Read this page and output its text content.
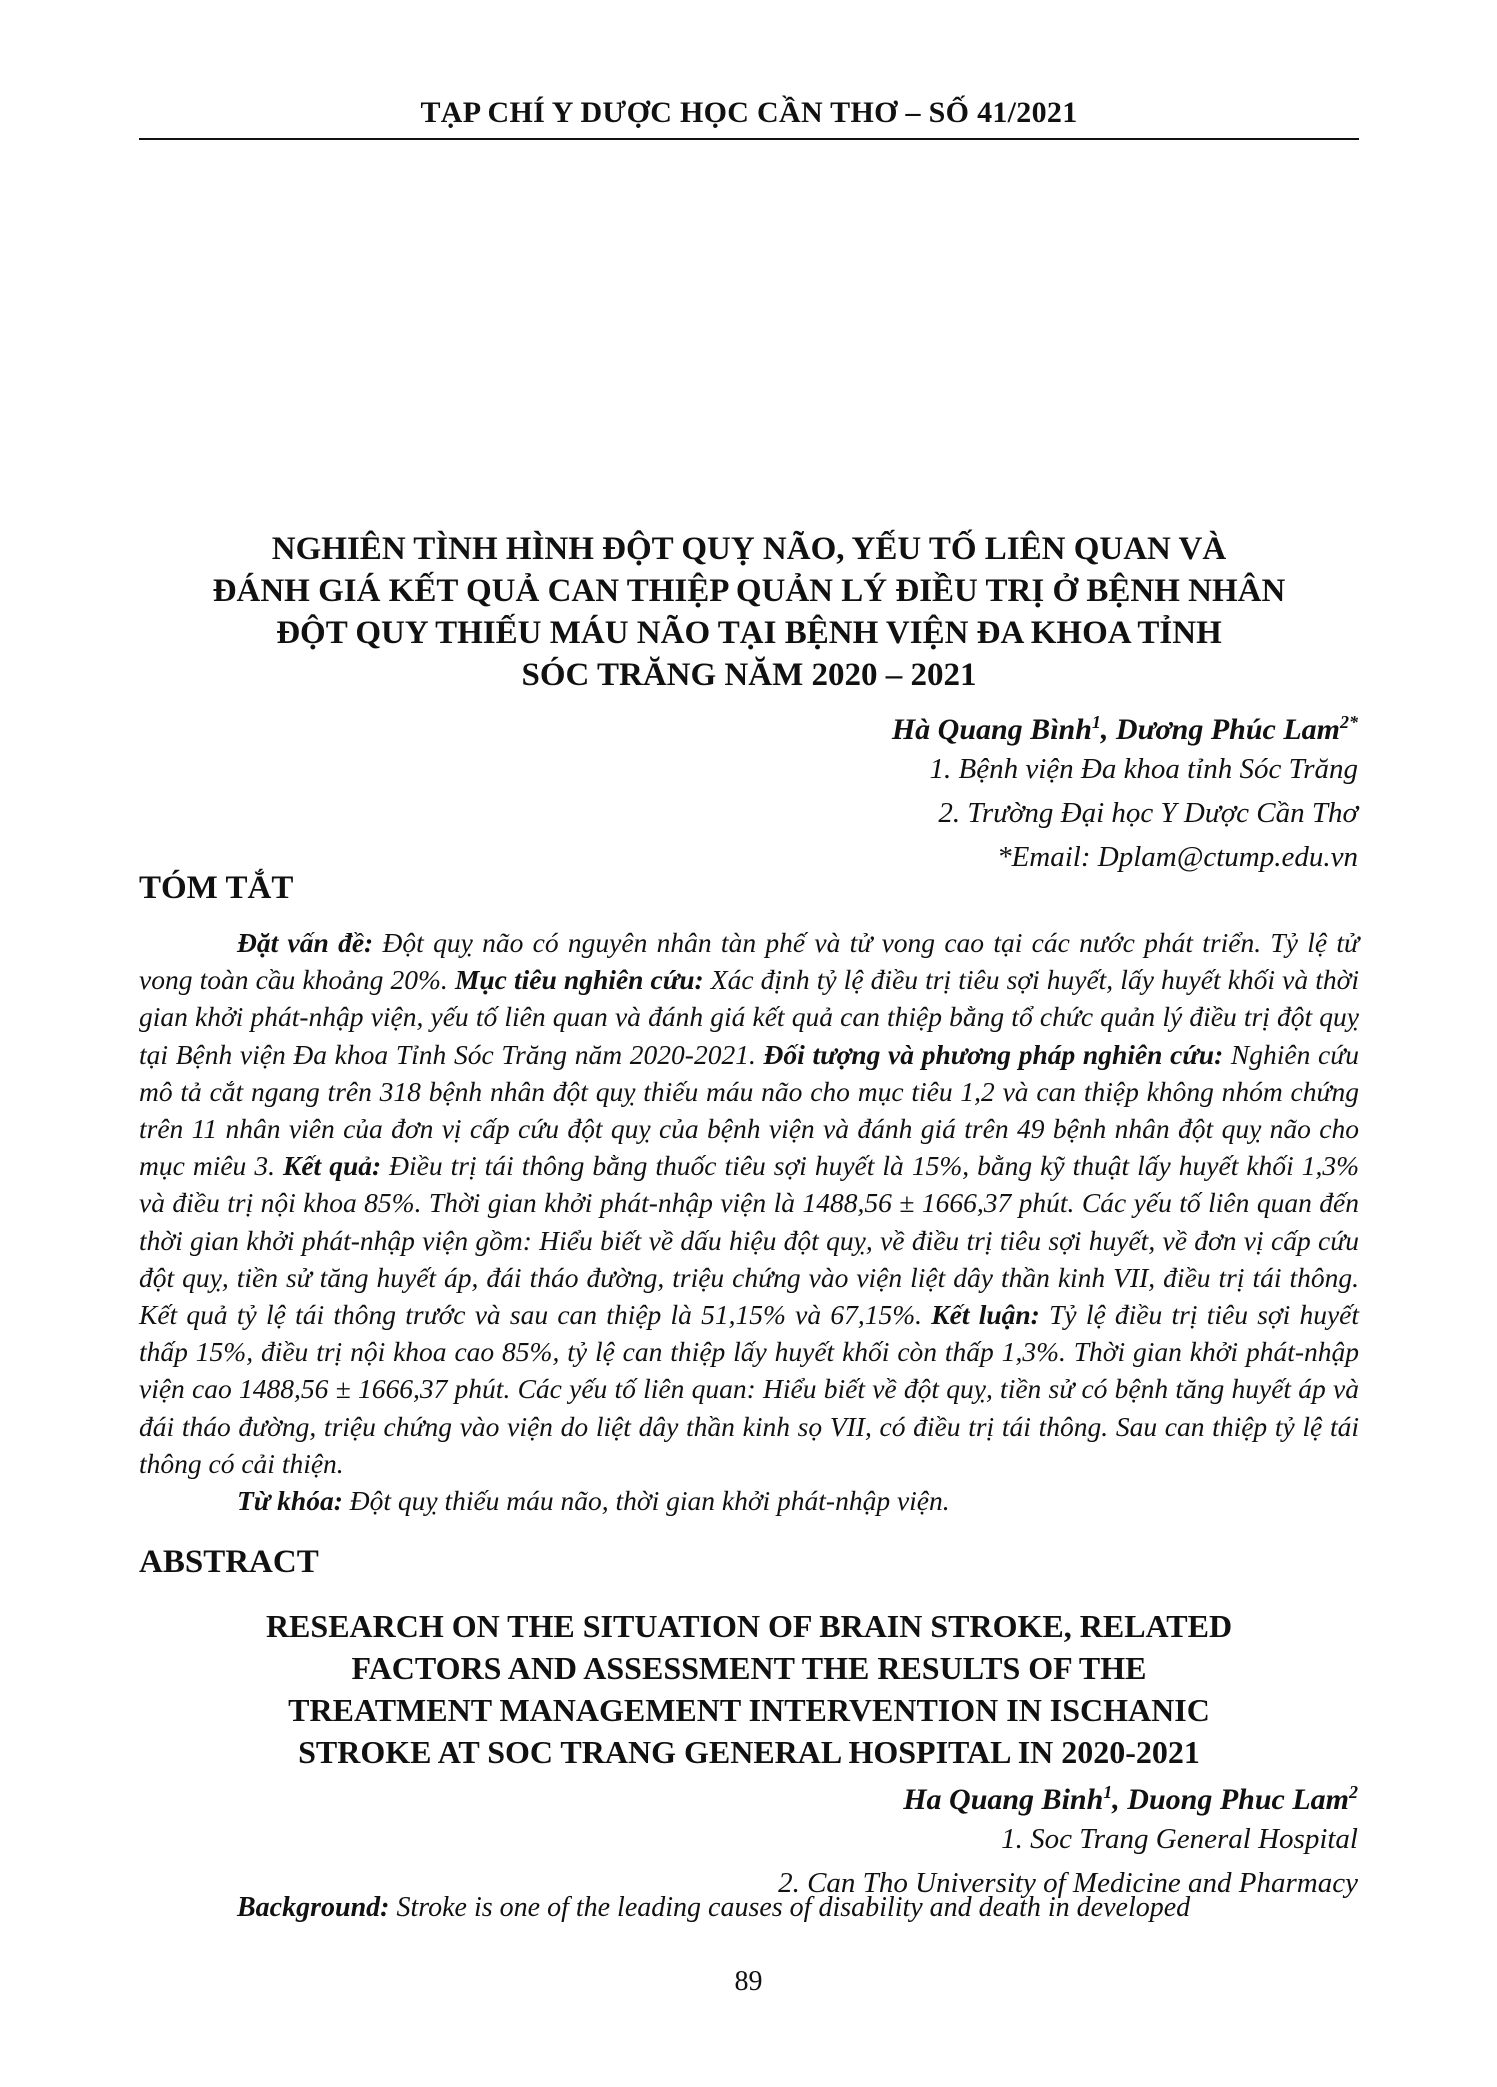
TẠP CHÍ Y DƯỢC HỌC CẦN THƠ – SỐ 41/2021
NGHIÊN TÌNH HÌNH ĐỘT QUỴ NÃO, YẾU TỐ LIÊN QUAN VÀ
ĐÁNH GIÁ KẾT QUẢ CAN THIỆP QUẢN LÝ ĐIỀU TRỊ Ở BỆNH NHÂN
ĐỘT QUY THIẾU MÁU NÃO TẠI BỆNH VIỆN ĐA KHOA TỈNH
SÓC TRĂNG NĂM 2020 – 2021
Hà Quang Bình$^1$, Dương Phúc Lam$^{2*}$
1. Bệnh viện Đa khoa tỉnh Sóc Trăng
2. Trường Đại học Y Dược Cần Thơ
*Email: Dplam@ctump.edu.vn
TÓM TẮT

Đặt vấn đề: Đột quỵ não có nguyên nhân tàn phế và tử vong cao tại các nước phát triển. Tỷ lệ tử vong toàn cầu khoảng 20%. Mục tiêu nghiên cứu: Xác định tỷ lệ điều trị tiêu sợi huyết, lấy huyết khối và thời gian khởi phát-nhập viện, yếu tố liên quan và đánh giá kết quả can thiệp bằng tổ chức quản lý điều trị đột quỵ tại Bệnh viện Đa khoa Tỉnh Sóc Trăng năm 2020-2021. Đối tượng và phương pháp nghiên cứu: Nghiên cứu mô tả cắt ngang trên 318 bệnh nhân đột quỵ thiếu máu não cho mục tiêu 1,2 và can thiệp không nhóm chứng trên 11 nhân viên của đơn vị cấp cứu đột quỵ của bệnh viện và đánh giá trên 49 bệnh nhân đột quỵ não cho mục miêu 3. Kết quả: Điều trị tái thông bằng thuốc tiêu sợi huyết là 15%, bằng kỹ thuật lấy huyết khối 1,3% và điều trị nội khoa 85%. Thời gian khởi phát-nhập viện là 1488,56 ± 1666,37 phút. Các yếu tố liên quan đến thời gian khởi phát-nhập viện gồm: Hiểu biết về dấu hiệu đột quỵ, về điều trị tiêu sợi huyết, về đơn vị cấp cứu đột quỵ, tiền sử tăng huyết áp, đái tháo đường, triệu chứng vào viện liệt dây thần kinh VII, điều trị tái thông. Kết quả tỷ lệ tái thông trước và sau can thiệp là 51,15% và 67,15%. Kết luận: Tỷ lệ điều trị tiêu sợi huyết thấp 15%, điều trị nội khoa cao 85%, tỷ lệ can thiệp lấy huyết khối còn thấp 1,3%. Thời gian khởi phát-nhập viện cao 1488,56 ± 1666,37 phút. Các yếu tố liên quan: Hiểu biết về đột quỵ, tiền sử có bệnh tăng huyết áp và đái tháo đường, triệu chứng vào viện do liệt dây thần kinh sọ VII, có điều trị tái thông. Sau can thiệp tỷ lệ tái thông có cải thiện.

Từ khóa: Đột quỵ thiếu máu não, thời gian khởi phát-nhập viện.

ABSTRACT
RESEARCH ON THE SITUATION OF BRAIN STROKE, RELATED
FACTORS AND ASSESSMENT THE RESULTS OF THE
TREATMENT MANAGEMENT INTERVENTION IN ISCHANIC
STROKE AT SOC TRANG GENERAL HOSPITAL IN 2020-2021
Ha Quang Binh$^1$, Duong Phuc Lam$^2$
1. Soc Trang General Hospital
2. Can Tho University of Medicine and Pharmacy
Background: Stroke is one of the leading causes of disability and death in developed
89
